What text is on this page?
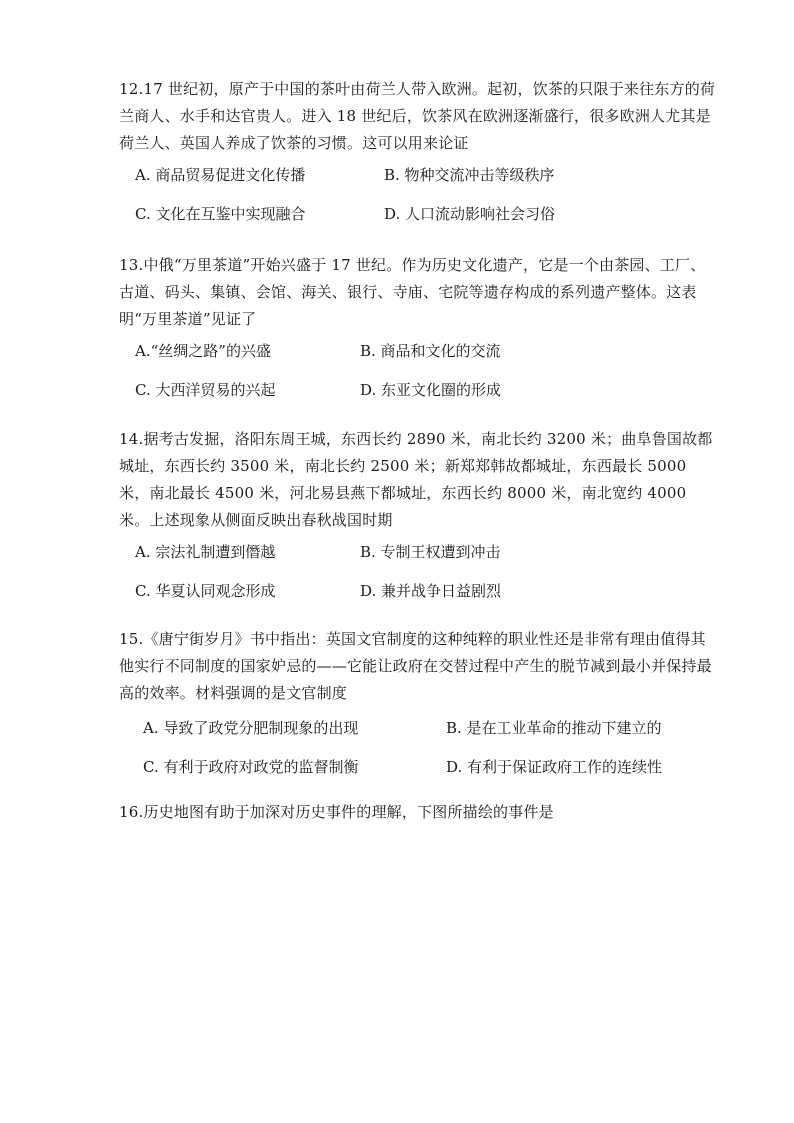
12.17 世纪初，原产于中国的茶叶由荷兰人带入欧洲。起初，饮茶的只限于来往东方的荷兰商人、水手和达官贵人。进入 18 世纪后，饮茶风在欧洲逐渐盛行，很多欧洲人尤其是荷兰人、英国人养成了饮茶的习惯。这可以用来论证

A. 商品贸易促进文化传播	B. 物种交流冲击等级秩序
C. 文化在互鉴中实现融合	D. 人口流动影响社会习俗

13.中俄“万里茶道”开始兴盛于 17 世纪。作为历史文化遗产，它是一个由茶园、工厂、古道、码头、集镇、会馆、海关、银行、寺庙、宅院等遗存构成的系列遗产整体。这表明“万里茶道”见证了

A.“丝绸之路”的兴盛	B. 商品和文化的交流
C. 大西洋贸易的兴起	D. 东亚文化圈的形成

14.据考古发掘，洛阳东周王城，东西长约 2890 米，南北长约 3200 米；曲阜鲁国故都城址，东西长约 3500 米，南北长约 2500 米；新郑郑韩故都城址，东西最长 5000 米，南北最长 4500 米，河北易县燕下都城址，东西长约 8000 米，南北宽约 4000 米。上述现象从侧面反映出春秋战国时期

A. 宗法礼制遭到僭越	B. 专制王权遭到冲击
C. 华夏认同观念形成	D. 兼并战争日益剧烈

15.《唐宁街岁月》书中指出：英国文官制度的这种纯粹的职业性还是非常有理由值得其他实行不同制度的国家妒忌的——它能让政府在交替过程中产生的脱节减到最小并保持最高的效率。材料强调的是文官制度

A. 导致了政党分肥制现象的出现	B. 是在工业革命的推动下建立的
C. 有利于政府对政党的监督制衡	D. 有利于保证政府工作的连续性

16.历史地图有助于加深对历史事件的理解，下图所描绘的事件是
